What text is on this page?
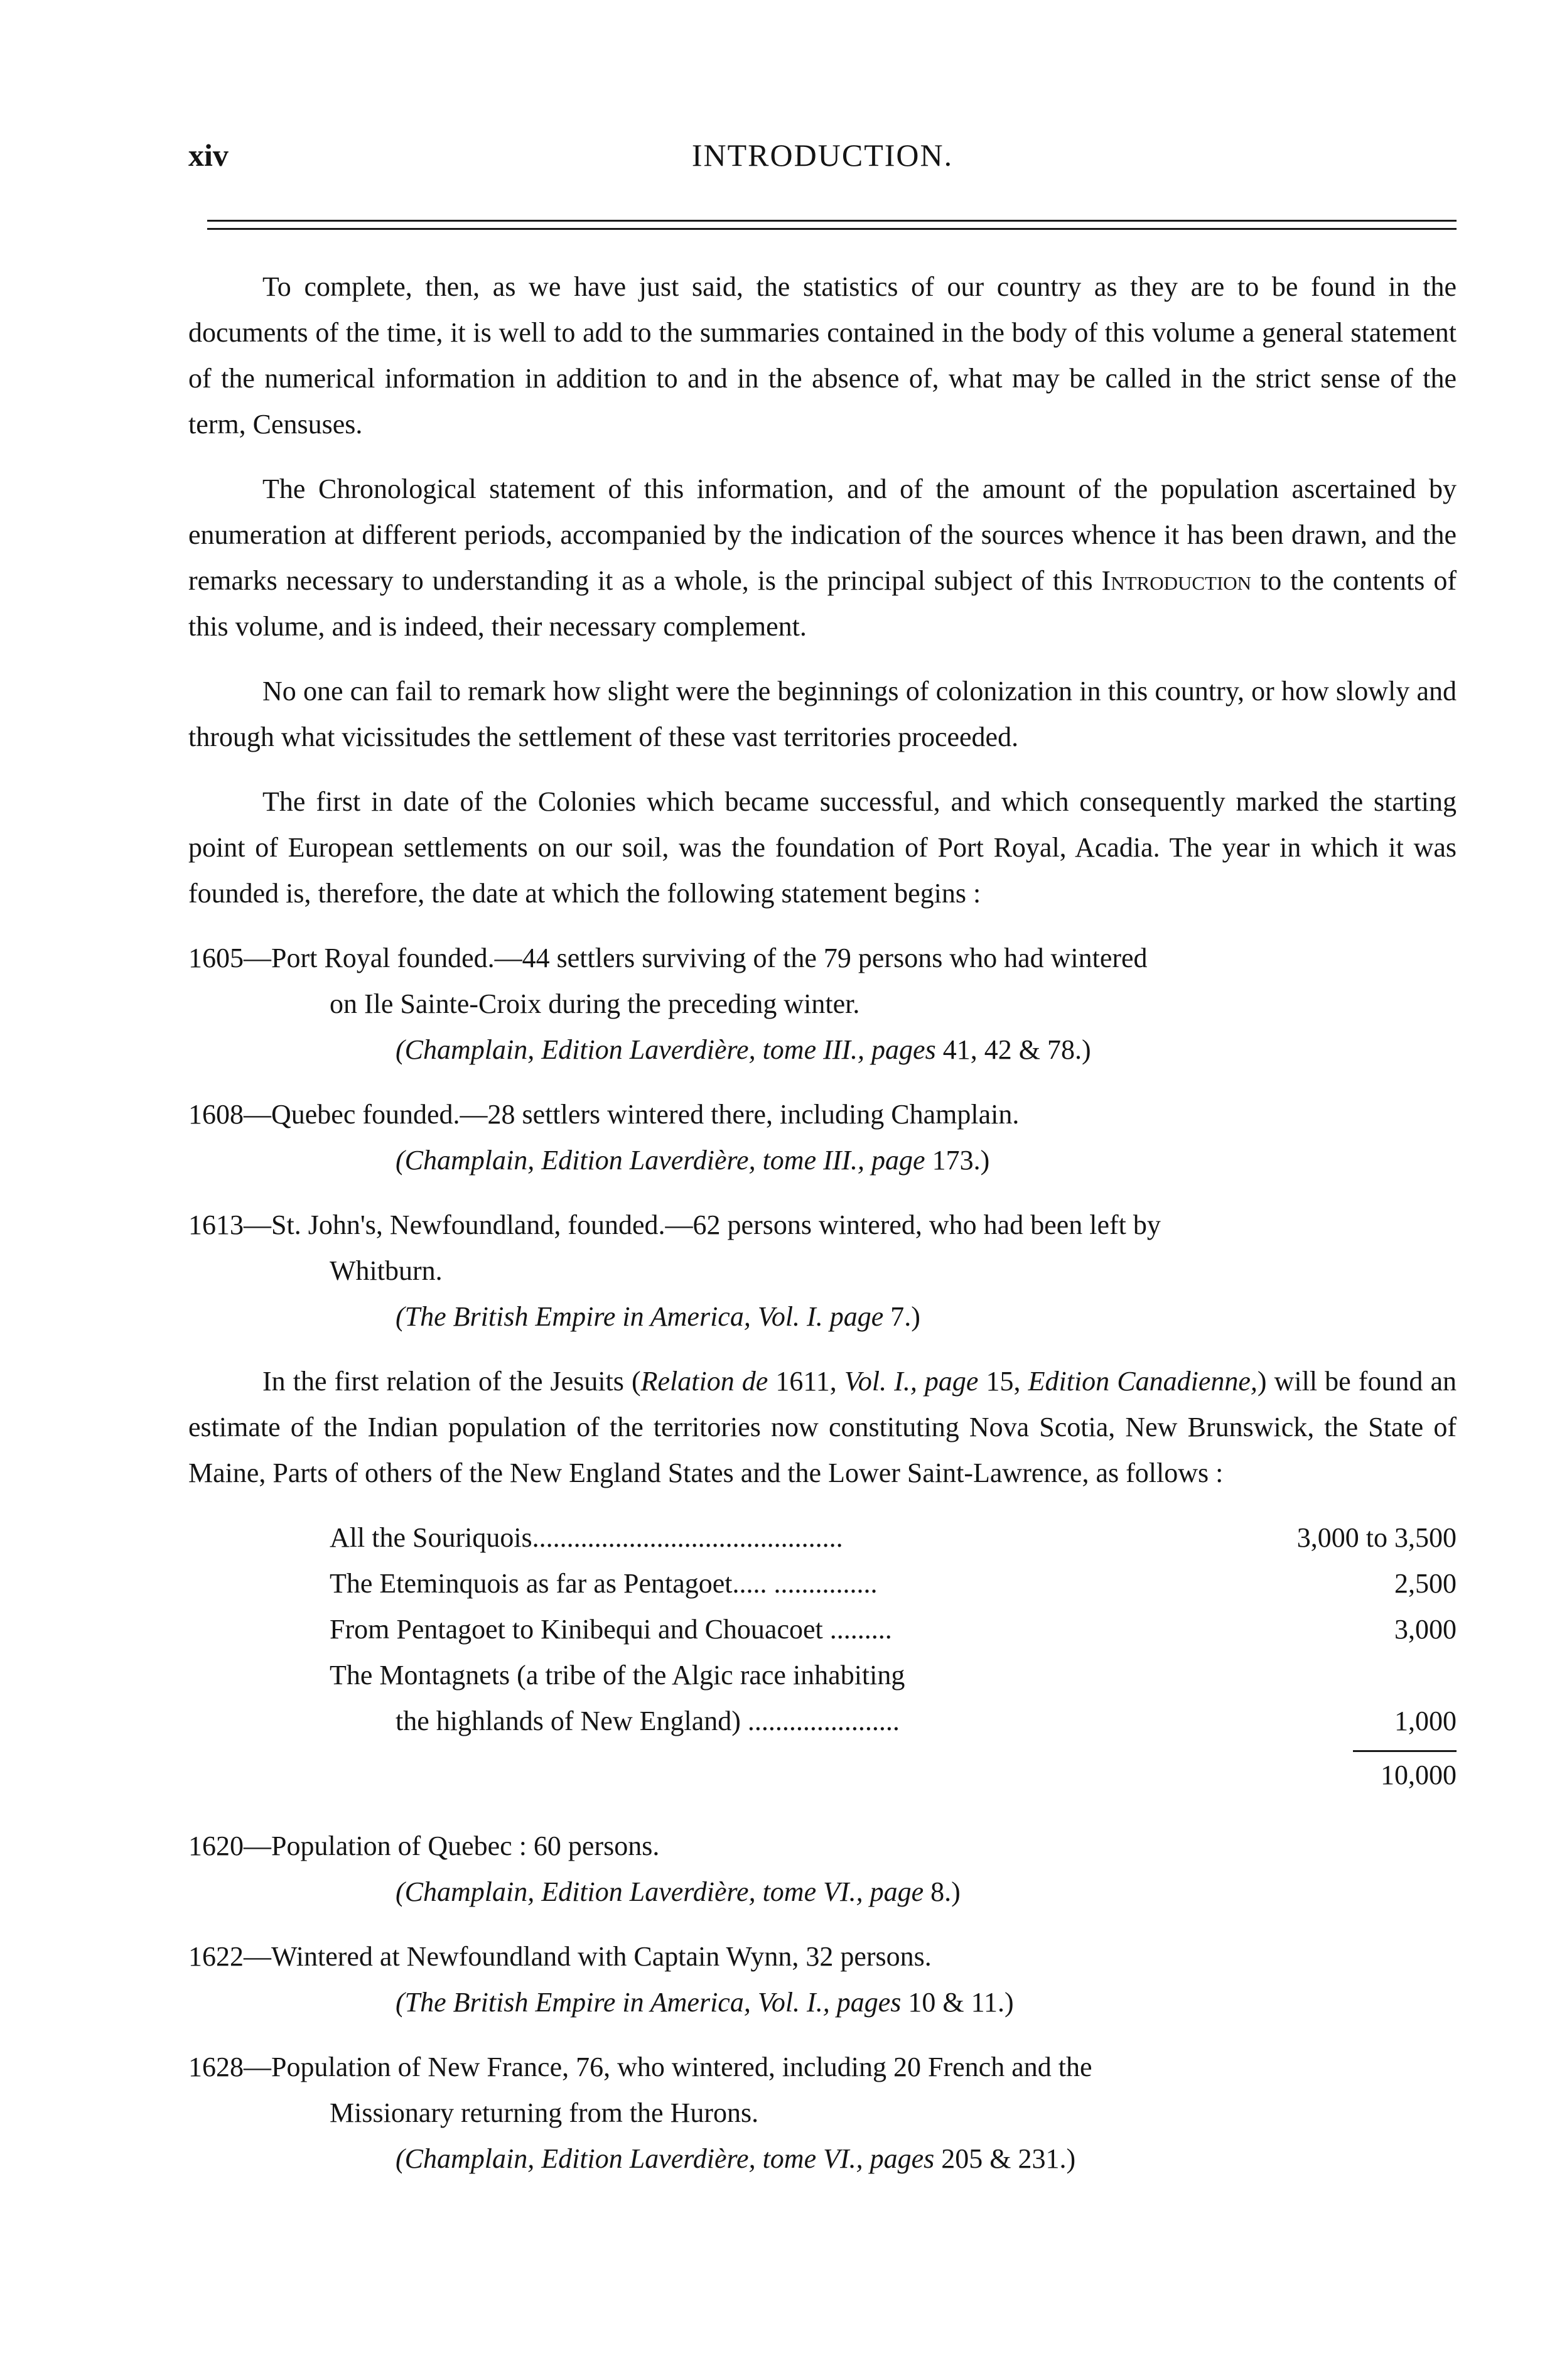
xiv	INTRODUCTION.

To complete, then, as we have just said, the statistics of our country as they are to be found in the documents of the time, it is well to add to the summaries contained in the body of this volume a general statement of the numerical information in addition to and in the absence of, what may be called in the strict sense of the term, Censuses.

The Chronological statement of this information, and of the amount of the population ascertained by enumeration at different periods, accompanied by the indication of the sources whence it has been drawn, and the remarks necessary to understanding it as a whole, is the principal subject of this Introduction to the contents of this volume, and is indeed, their necessary complement.

No one can fail to remark how slight were the beginnings of colonization in this country, or how slowly and through what vicissitudes the settlement of these vast territories proceeded.

The first in date of the Colonies which became successful, and which consequently marked the starting point of European settlements on our soil, was the foundation of Port Royal, Acadia. The year in which it was founded is, therefore, the date at which the following statement begins :

1605—Port Royal founded.—44 settlers surviving of the 79 persons who had wintered
on Ile Sainte-Croix during the preceding winter.
(Champlain, Edition Laverdière, tome III., pages 41, 42 & 78.)
1608—Quebec founded.—28 settlers wintered there, including Champlain.
(Champlain, Edition Laverdière, tome III., page 173.)
1613—St. John's, Newfoundland, founded.—62 persons wintered, who had been left by
Whitburn.
(The British Empire in America, Vol. I. page 7.)

In the first relation of the Jesuits (Relation de 1611, Vol. I., page 15, Edition Canadienne,) will be found an estimate of the Indian population of the territories now constituting Nova Scotia, New Brunswick, the State of Maine, Parts of others of the New England States and the Lower Saint-Lawrence, as follows :

All the Souriquois.............................................	3,000 to 3,500
The Eteminquois as far as Pentagoet..... ...............	2,500
From Pentagoet to Kinibequi and Chouacoet .........	3,000
The Montagnets (a tribe of the Algic race inhabiting
the highlands of New England) ......................	1,000
10,000
1620—Population of Quebec : 60 persons.
(Champlain, Edition Laverdière, tome VI., page 8.)
1622—Wintered at Newfoundland with Captain Wynn, 32 persons.
(The British Empire in America, Vol. I., pages 10 & 11.)
1628—Population of New France, 76, who wintered, including 20 French and the
Missionary returning from the Hurons.
(Champlain, Edition Laverdière, tome VI., pages 205 & 231.)
